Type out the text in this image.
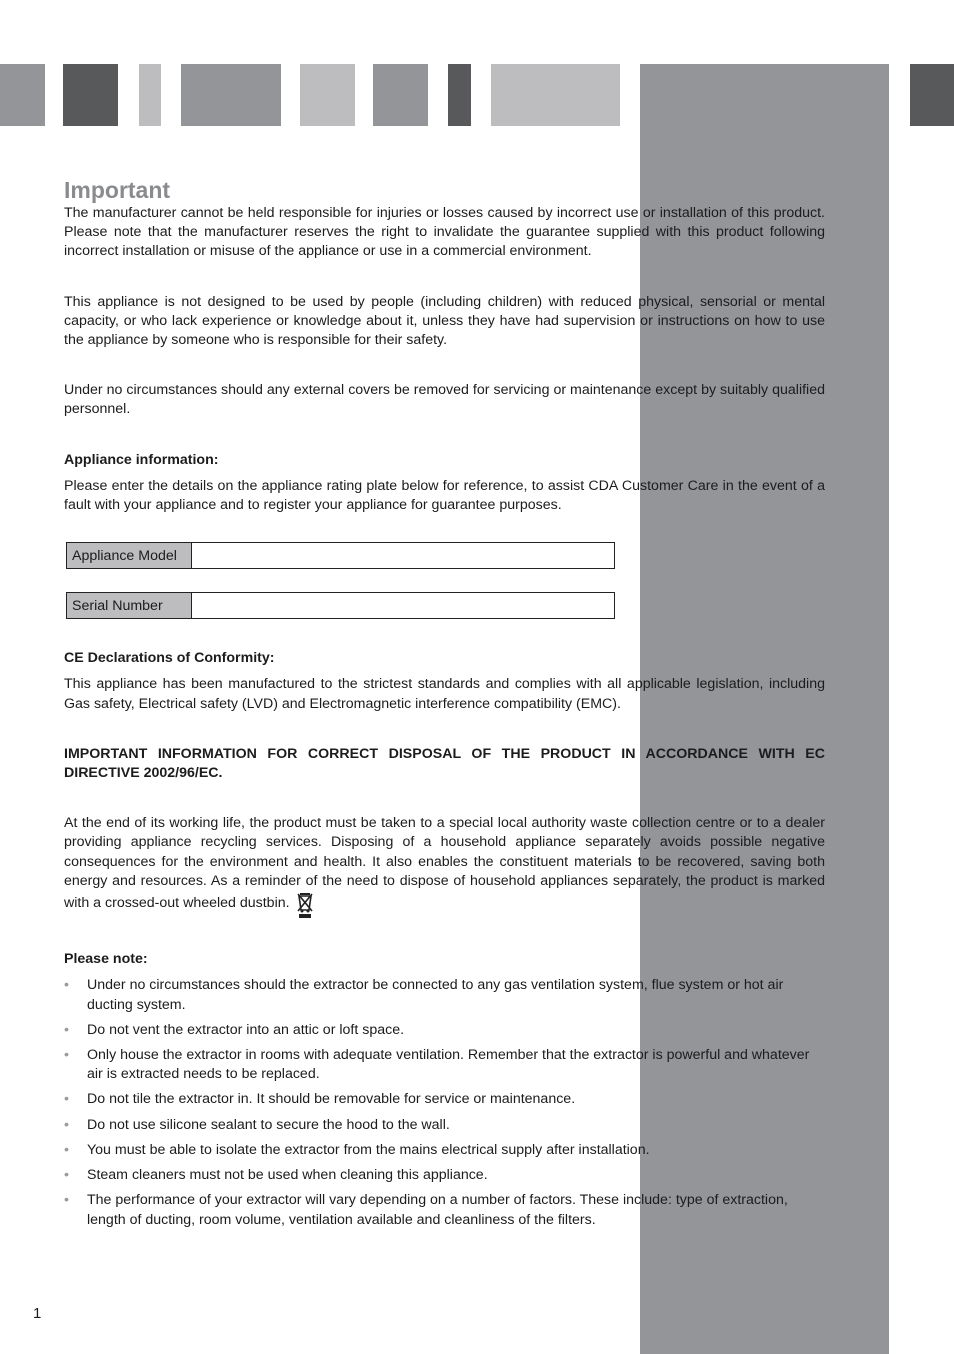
Important

The manufacturer cannot be held responsible for injuries or losses caused by incorrect use or installation of this product. Please note that the manufacturer reserves the right to invalidate the guarantee supplied with this product following incorrect installation or misuse of the appliance or use in a commercial environment.

This appliance is not designed to be used by people (including children) with reduced physical, sensorial or mental capacity, or who lack experience or knowledge about it, unless they have had supervision or instructions on how to use the appliance by someone who is responsible for their safety.

Under no circumstances should any external covers be removed for servicing or maintenance except by suitably qualified personnel.

Appliance information:

Please enter the details on the appliance rating plate below for reference, to assist CDA Customer Care in the event of a fault with your appliance and to register your appliance for guarantee purposes.

Appliance Model
Serial Number
CE Declarations of Conformity:

This appliance has been manufactured to the strictest standards and complies with all applicable legislation, including Gas safety, Electrical safety (LVD) and Electromagnetic interference compatibility (EMC).

IMPORTANT INFORMATION FOR CORRECT DISPOSAL OF THE PRODUCT IN ACCORDANCE WITH EC DIRECTIVE 2002/96/EC.

At the end of its working life, the product must be taken to a special local authority waste collection centre or to a dealer providing appliance recycling services. Disposing of a household appliance separately avoids possible negative consequences for the environment and health. It also enables the constituent materials to be recovered, saving both energy and resources. As a reminder of the need to dispose of household appliances separately, the product is marked with a crossed-out wheeled dustbin.

Please note:
• Under no circumstances should the extractor be connected to any gas ventilation system, flue system or hot air ducting system.
• Do not vent the extractor into an attic or loft space.
• Only house the extractor in rooms with adequate ventilation. Remember that the extractor is powerful and whatever air is extracted needs to be replaced.
• Do not tile the extractor in. It should be removable for service or maintenance.
• Do not use silicone sealant to secure the hood to the wall.
• You must be able to isolate the extractor from the mains electrical supply after installation.
• Steam cleaners must not be used when cleaning this appliance.
• The performance of your extractor will vary depending on a number of factors. These include: type of extraction, length of ducting, room volume, ventilation available and cleanliness of the filters.
1
